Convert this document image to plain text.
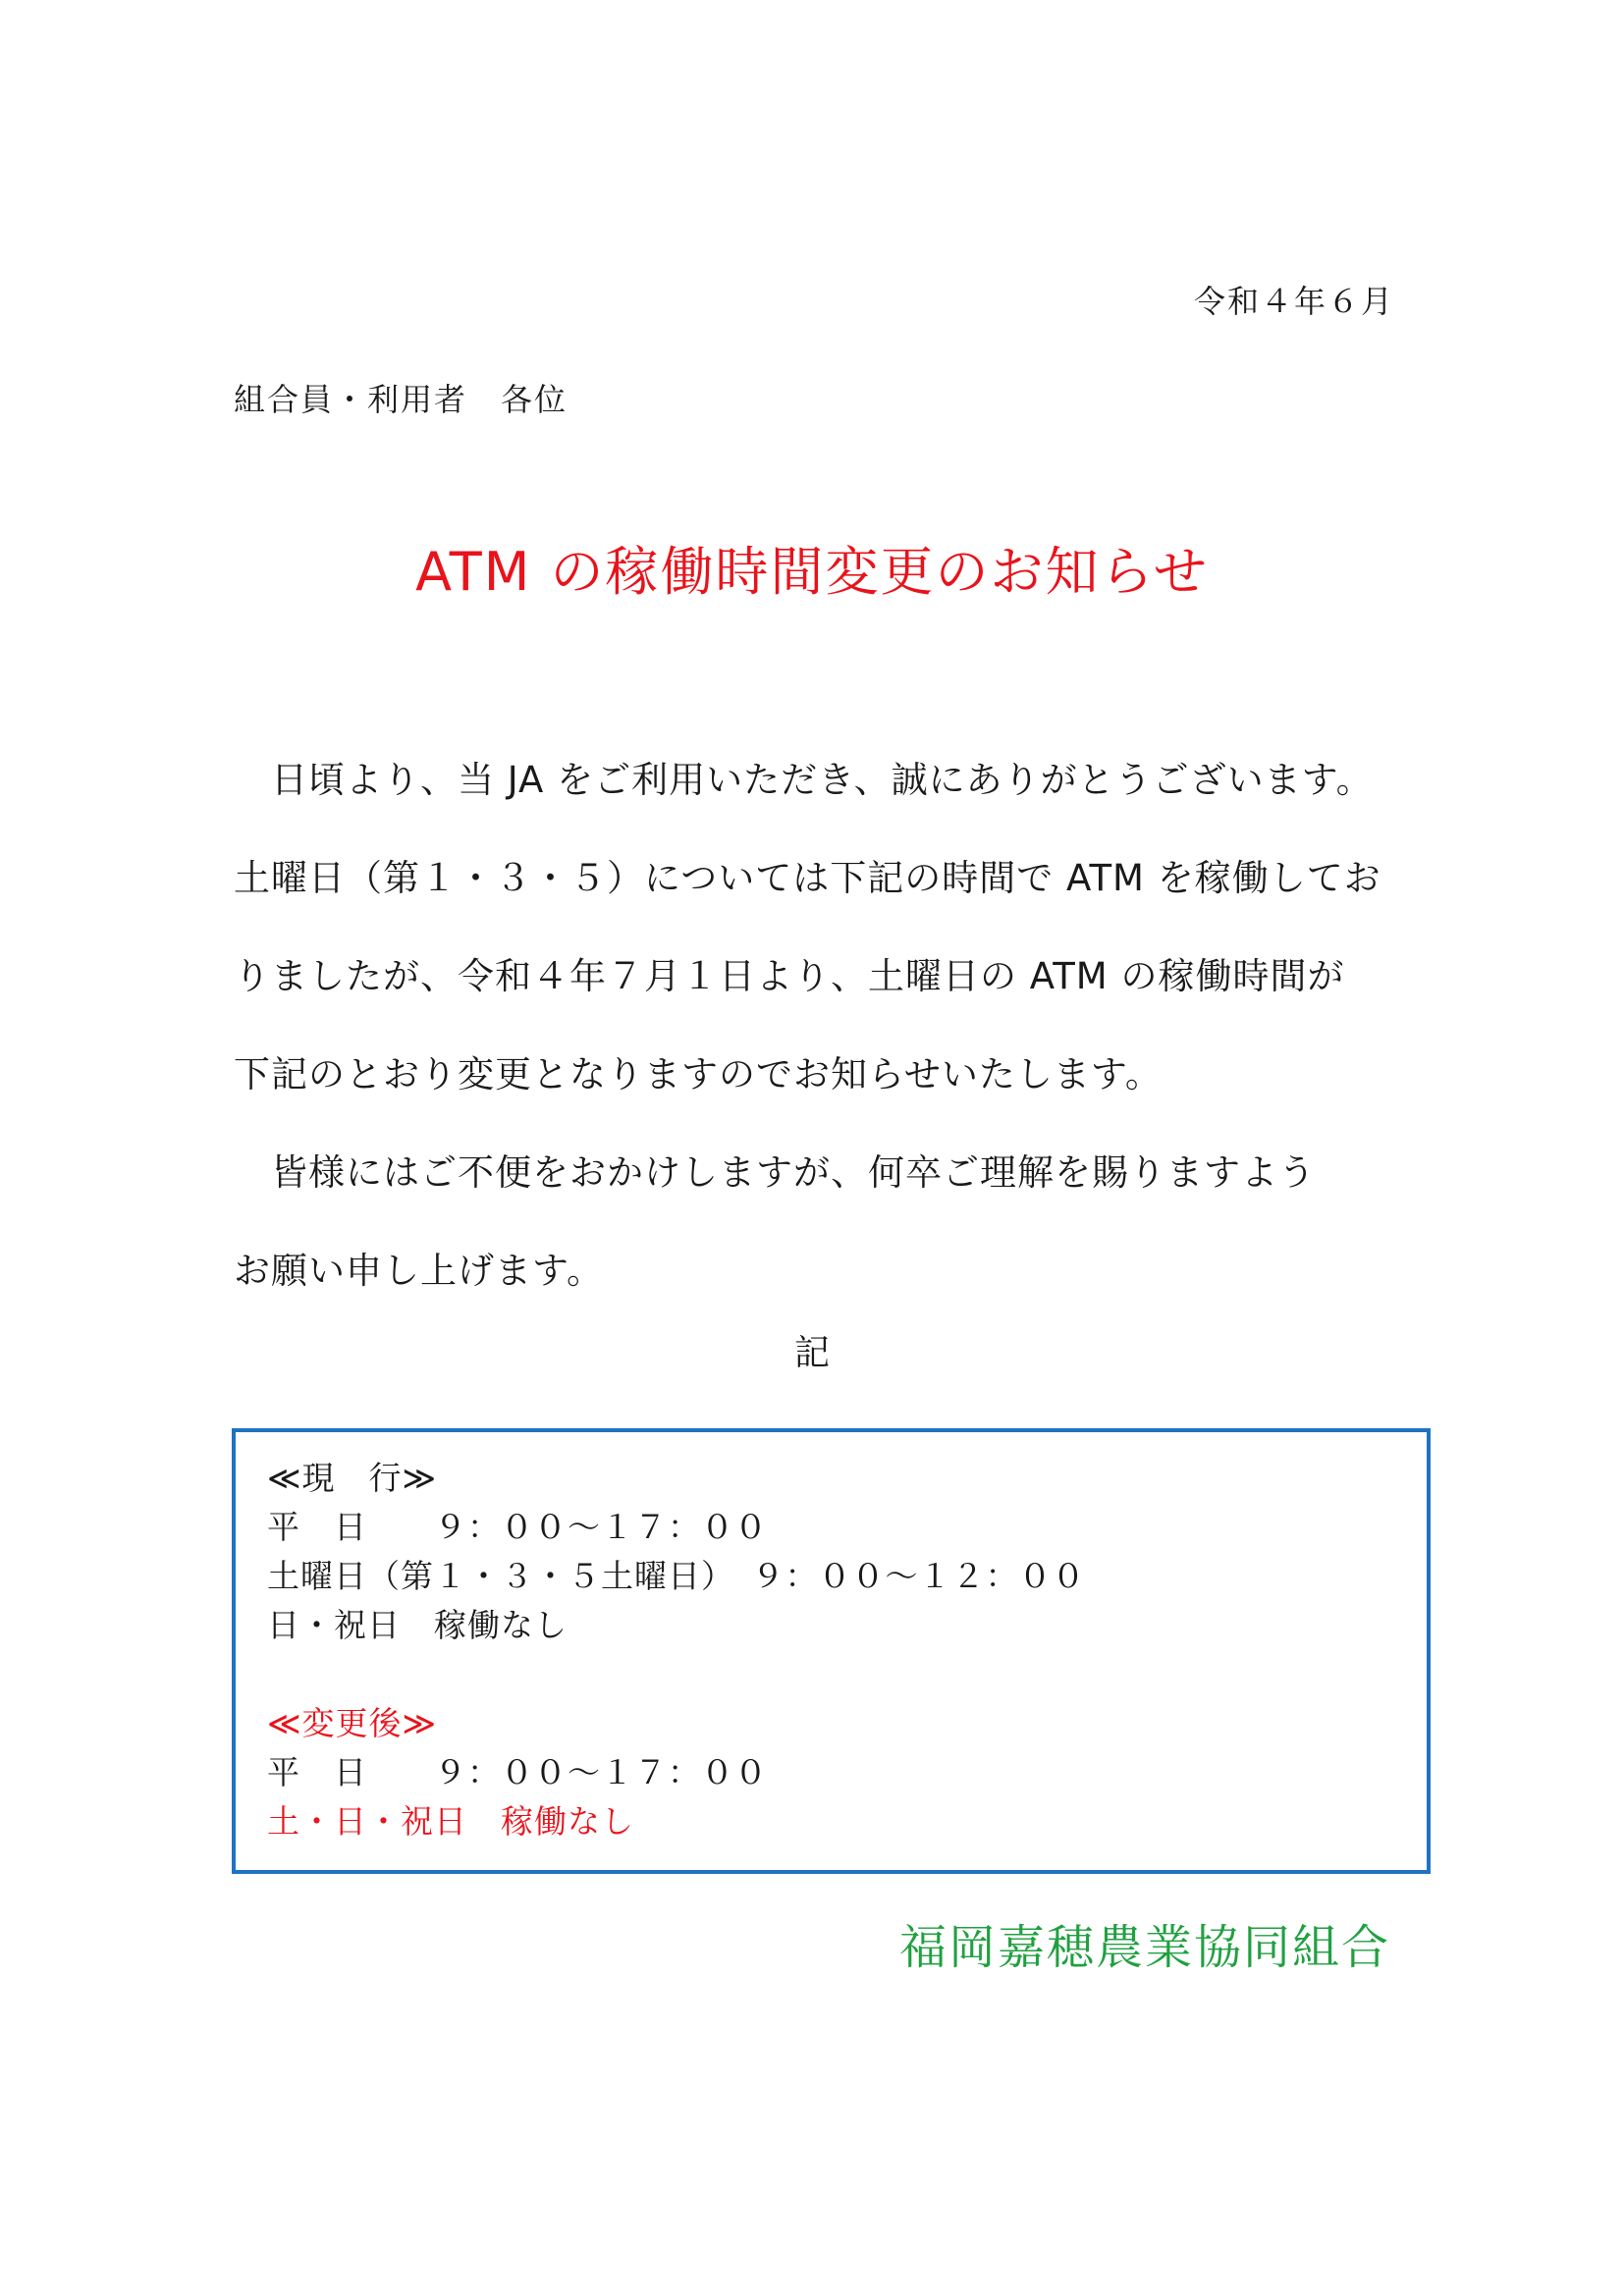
令和４年６月
組合員・利用者　各位
ATM の稼働時間変更のお知らせ

　日頃より、当 JA をご利用いただき、誠にありがとうございます。

土曜日（第１・３・５）については下記の時間で ATM を稼働してお

りましたが、令和４年７月１日より、土曜日の ATM の稼働時間が

下記のとおり変更となりますのでお知らせいたします。

　皆様にはご不便をおかけしますが、何卒ご理解を賜りますよう

お願い申し上げます。

記
≪現　行≫
平　日　　９：００～１７：００
土曜日（第１・３・５土曜日）　９：００～１２：００
日・祝日　稼働なし
≪変更後≫
平　日　　９：００～１７：００
土・日・祝日　稼働なし
福岡嘉穂農業協同組合
